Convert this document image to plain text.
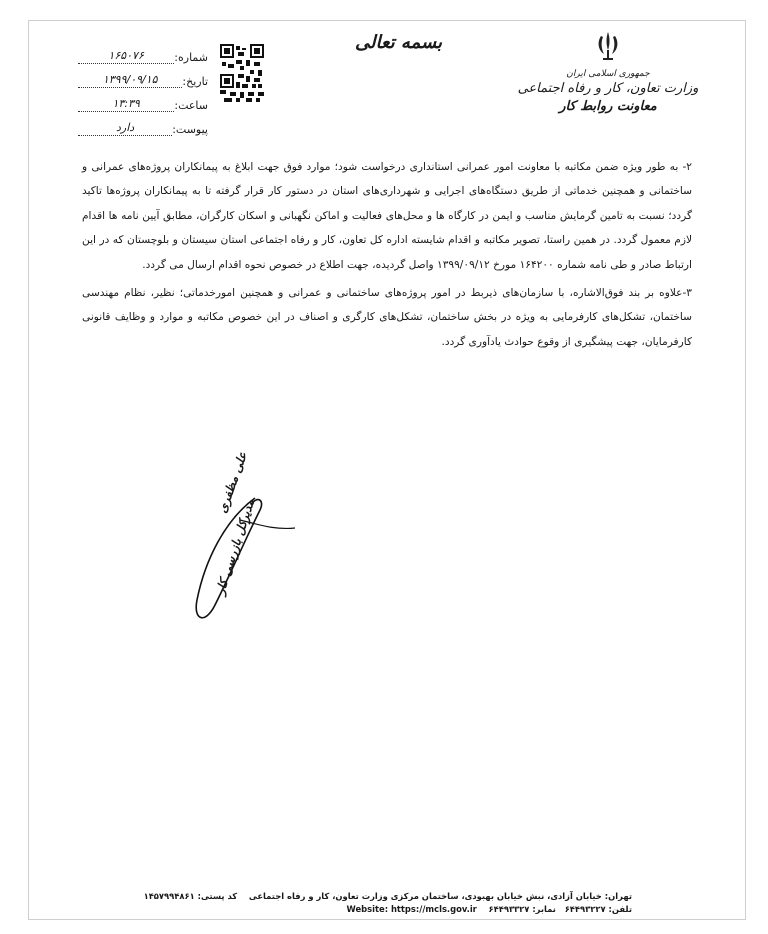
جمهوری اسلامی ایران
وزارت تعاون، کار و رفاه اجتماعی
معاونت روابط کار
بسمه تعالی
شماره:
۱۶۵۰۷۶
تاریخ:
۱۳۹۹/۰۹/۱۵
ساعت:
۱۳:۳۹
پیوست:
دارد

۲- به طور ویژه ضمن مکاتبه با معاونت امور عمرانی استانداری درخواست شود؛ موارد فوق جهت ابلاغ به پیمانکاران پروژه‌های عمرانی و ساختمانی و همچنین خدماتی از طریق دستگاه‌های اجرایی و شهرداری‌های استان در دستور کار قرار گرفته تا به پیمانکاران پروژه‌ها تاکید گردد؛ نسبت به تامین گرمایش مناسب و ایمن در کارگاه ها و محل‌های فعالیت و اماکن نگهبانی و اسکان کارگران، مطابق آیین نامه ها اقدام لازم معمول گردد. در همین راستا، تصویر مکاتبه و اقدام شایسته اداره کل تعاون، کار و رفاه اجتماعی استان سیستان و بلوچستان که در این ارتباط صادر و طی نامه شماره ۱۶۴۲۰۰ مورخ ۱۳۹۹/۰۹/۱۲ واصل گردیده، جهت اطلاع در خصوص نحوه اقدام ارسال می گردد.

۳-علاوه بر بند فوق‌الاشاره، با سازمان‌های ذیربط در امور پروژه‌های ساختمانی و عمرانی و همچنین امورخدماتی؛ نظیر، نظام مهندسی ساختمان، تشکل‌های کارفرمایی به ویژه در بخش ساختمان، تشکل‌های کارگری و اصناف در این خصوص مکاتبه و موارد و وظایف قانونی کارفرمایان، جهت پیشگیری از وقوع حوادث یادآوری گردد.

علی مظفری
مدیرکل بازرسی کار
تهران: خیابان آزادی، نبش خیابان بهبودی، ساختمان مرکزی وزارت تعاون، کار و رفاه اجتماعی    کد پستی: ۱۴۵۷۹۹۴۸۶۱
تلفن: ۶۴۴۹۳۲۲۷   نمابر: ۶۴۴۹۳۳۲۷    Website: https://mcls.gov.ir
